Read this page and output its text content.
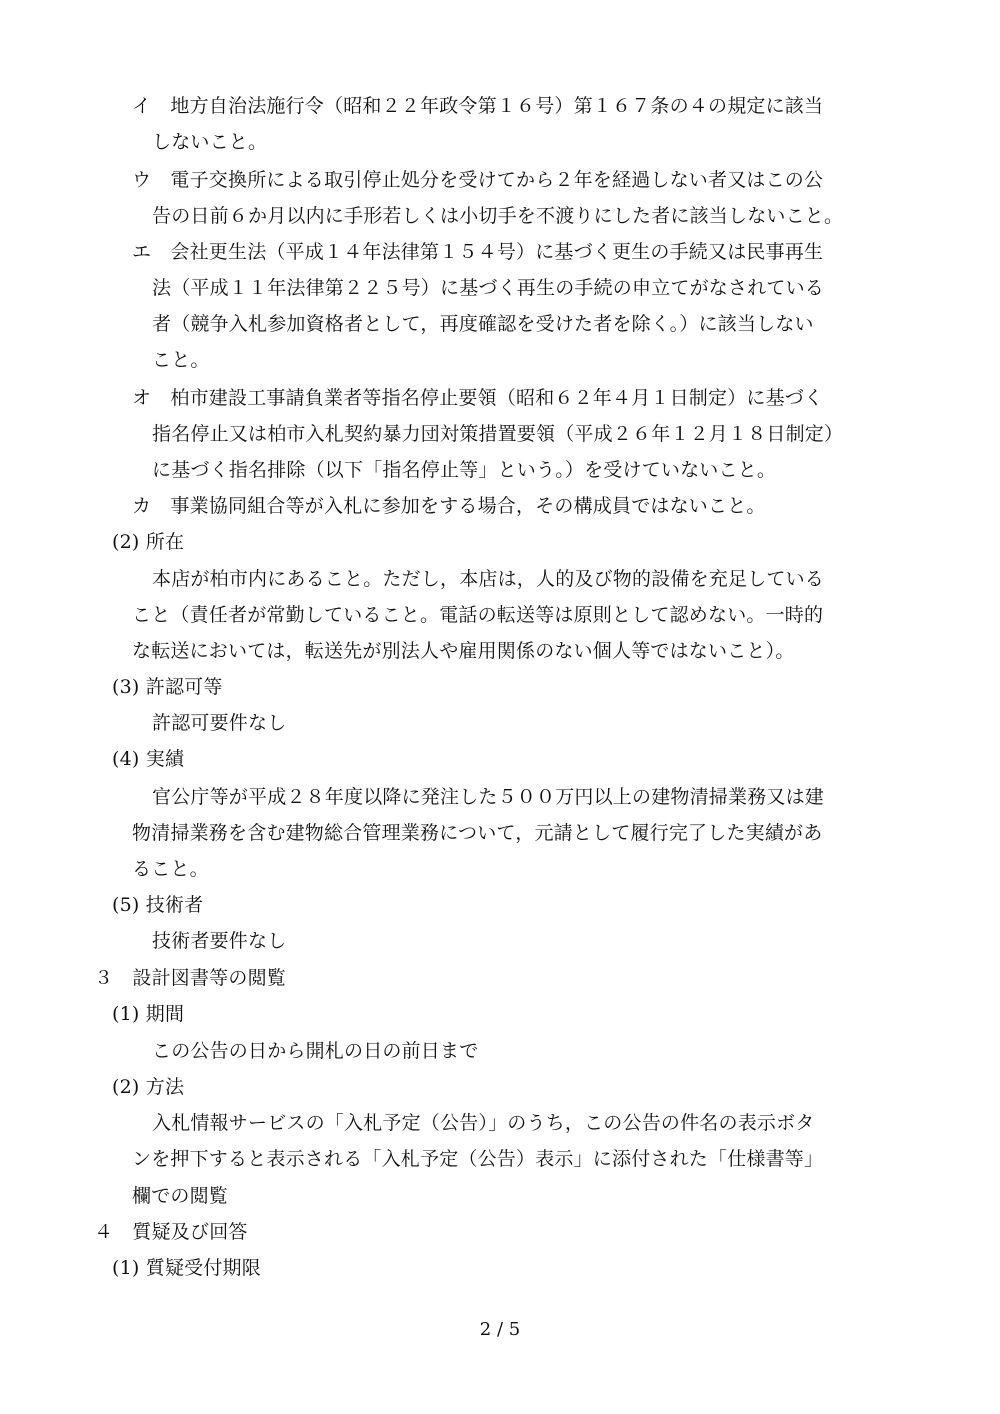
イ　地方自治法施行令（昭和２２年政令第１６号）第１６７条の４の規定に該当
しないこと。
ウ　電子交換所による取引停止処分を受けてから２年を経過しない者又はこの公
告の日前６か月以内に手形若しくは小切手を不渡りにした者に該当しないこと。
エ　会社更生法（平成１４年法律第１５４号）に基づく更生の手続又は民事再生
法（平成１１年法律第２２５号）に基づく再生の手続の申立てがなされている
者（競争入札参加資格者として，再度確認を受けた者を除く。）に該当しない
こと。
オ　柏市建設工事請負業者等指名停止要領（昭和６２年４月１日制定）に基づく
指名停止又は柏市入札契約暴力団対策措置要領（平成２６年１２月１８日制定）
に基づく指名排除（以下「指名停止等」という。）を受けていないこと。
カ　事業協同組合等が入札に参加をする場合，その構成員ではないこと。
(2) 所在
本店が柏市内にあること。ただし，本店は，人的及び物的設備を充足している
こと（責任者が常勤していること。電話の転送等は原則として認めない。一時的
な転送においては，転送先が別法人や雇用関係のない個人等ではないこと）。
(3) 許認可等
許認可要件なし
(4) 実績
官公庁等が平成２８年度以降に発注した５００万円以上の建物清掃業務又は建
物清掃業務を含む建物総合管理業務について，元請として履行完了した実績があ
ること。
(5) 技術者
技術者要件なし
３　設計図書等の閲覧
(1) 期間
この公告の日から開札の日の前日まで
(2) 方法
入札情報サービスの「入札予定（公告）」のうち，この公告の件名の表示ボタ
ンを押下すると表示される「入札予定（公告）表示」に添付された「仕様書等」
欄での閲覧
４　質疑及び回答
(1) 質疑受付期限
2 / 5
